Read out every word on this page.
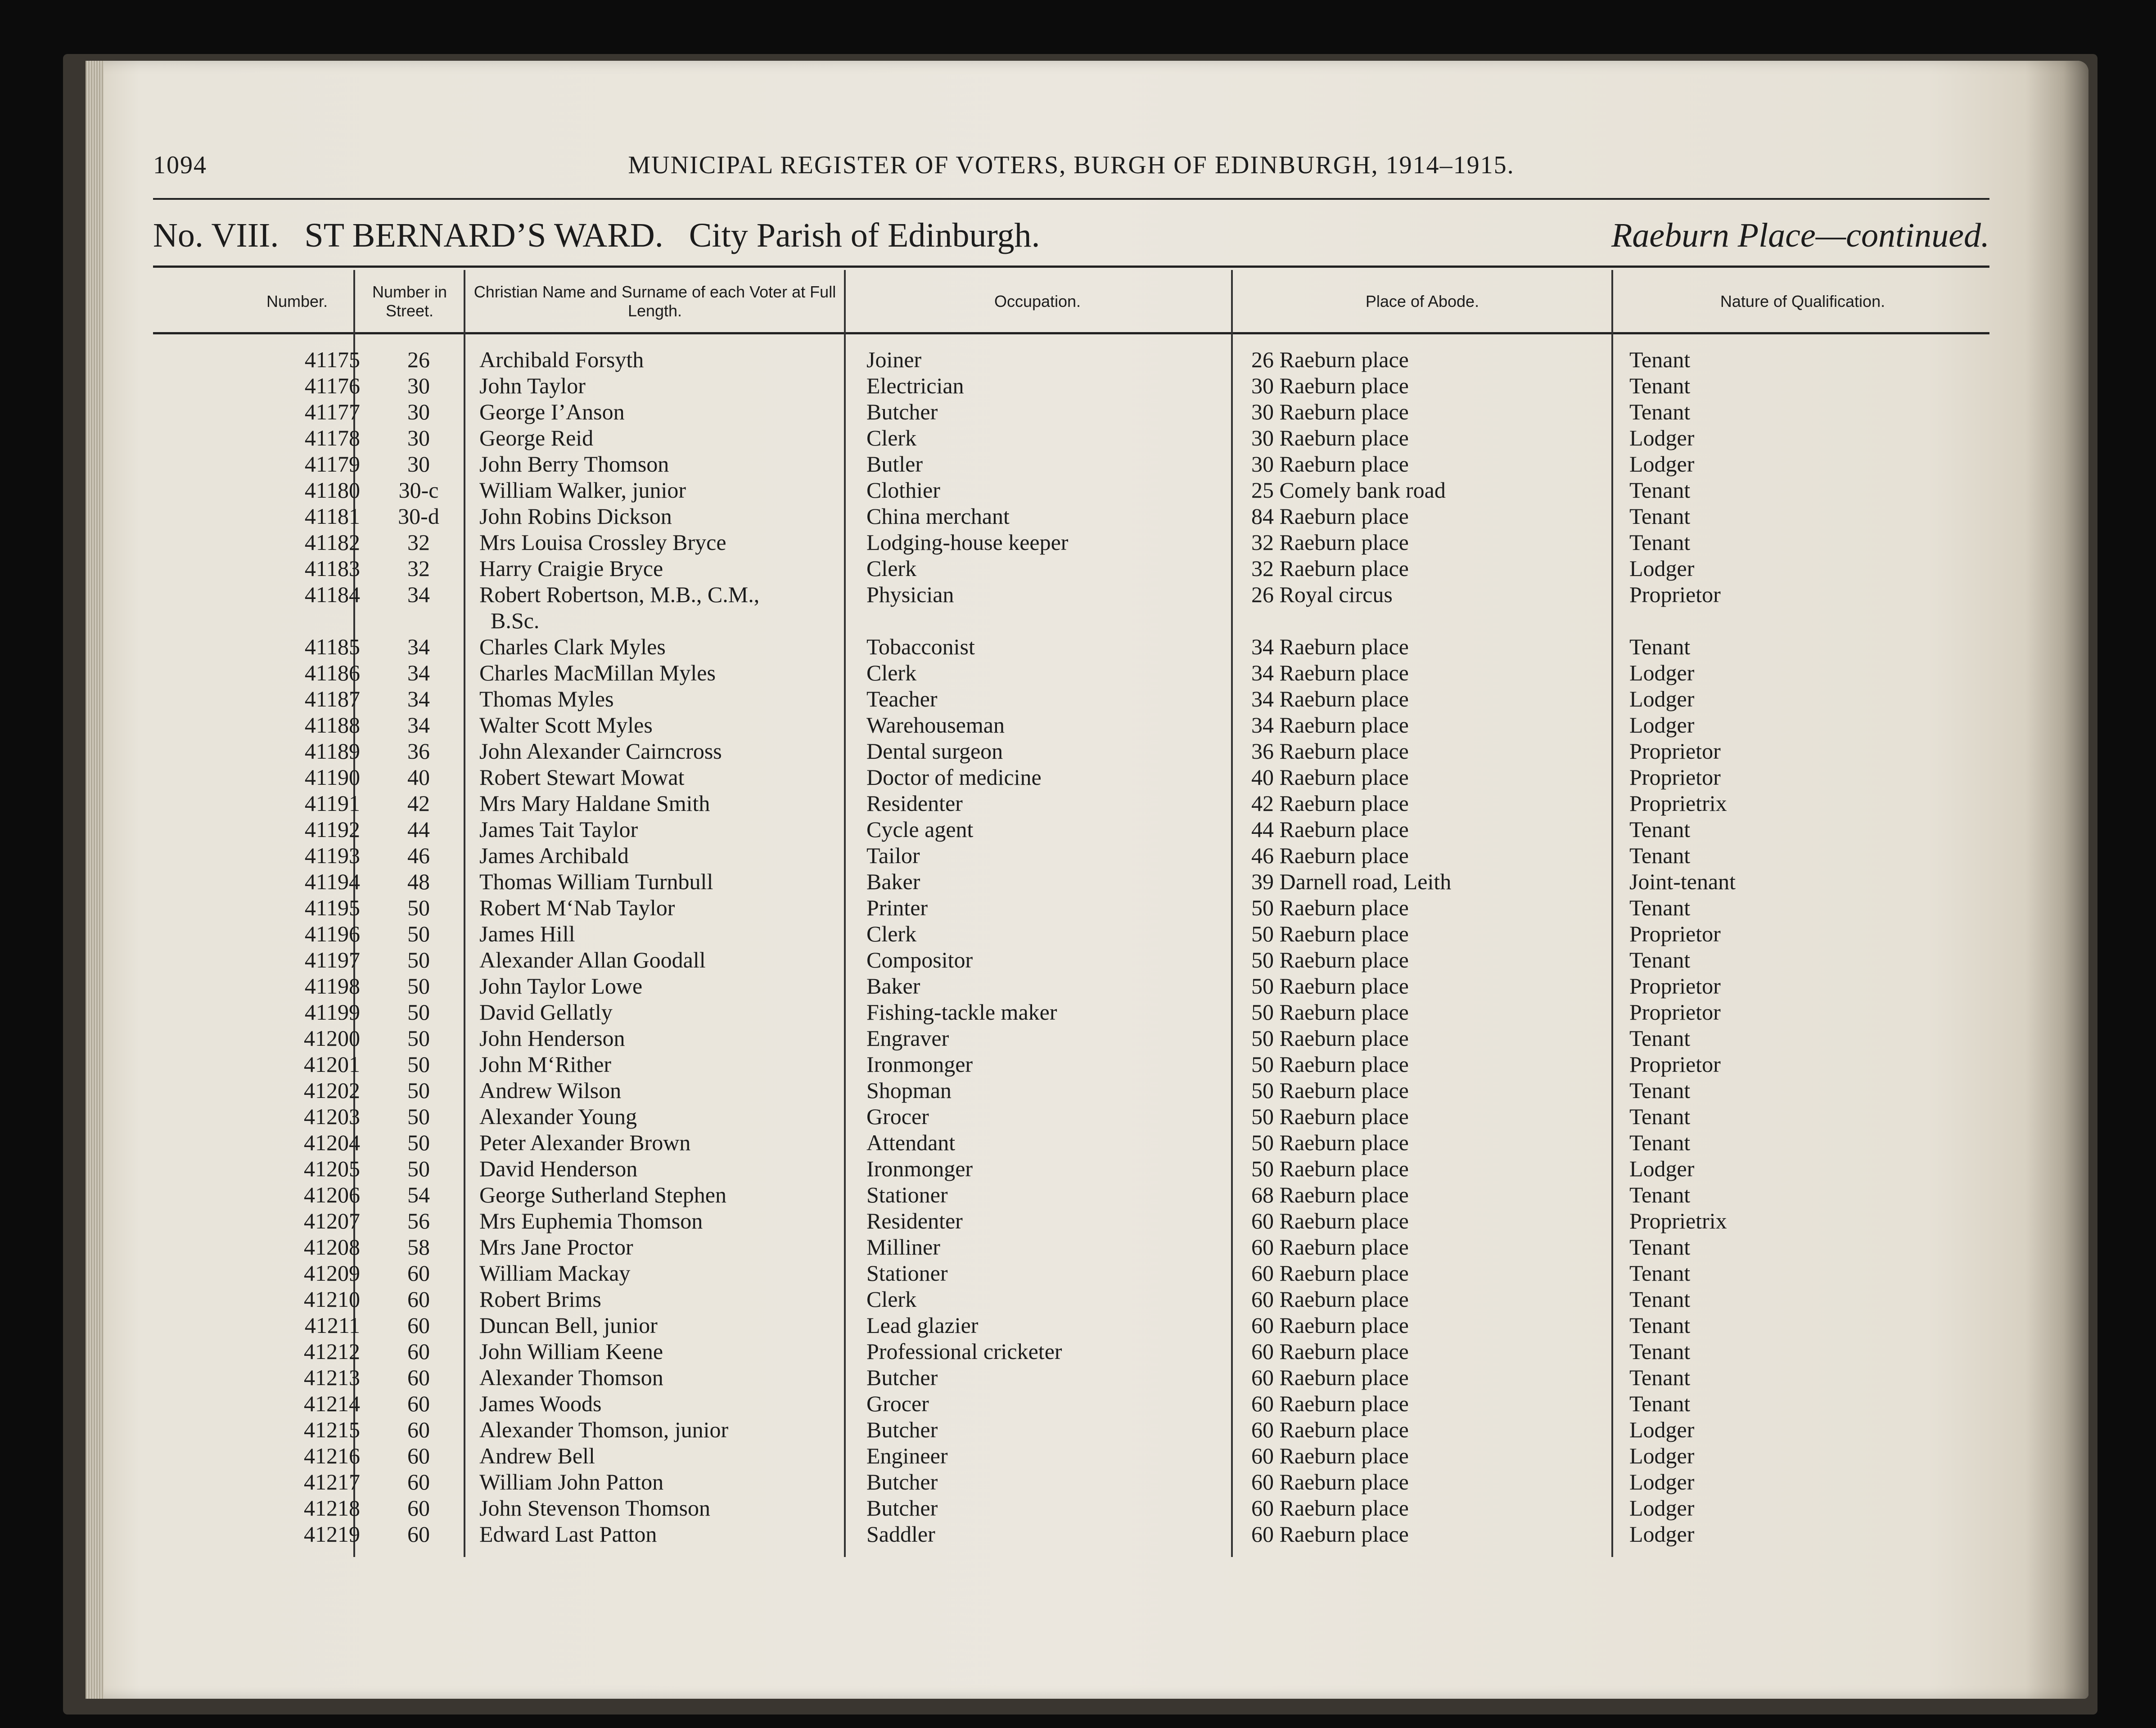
1094	MUNICIPAL REGISTER OF VOTERS, BURGH OF EDINBURGH, 1914–1915.
No. VIII. ST BERNARD’S WARD. City Parish of Edinburgh.	Raeburn Place—continued.
Number.
Number in Street.
Christian Name and Surname of each Voter at Full Length.
Occupation.	Place of Abode.	Nature of Qualification.
41175	26	Archibald Forsyth	Joiner	26 Raeburn place	Tenant
41176	30	John Taylor	Electrician	30 Raeburn place	Tenant
41177	30	George I’Anson	Butcher	30 Raeburn place	Tenant
41178	30	George Reid	Clerk	30 Raeburn place	Lodger
41179	30	John Berry Thomson	Butler	30 Raeburn place	Lodger
41180	30-c	William Walker, junior	Clothier	25 Comely bank road	Tenant
41181	30-d	John Robins Dickson	China merchant	84 Raeburn place	Tenant
41182	32	Mrs Louisa Crossley Bryce	Lodging-house keeper	32 Raeburn place	Tenant
41183	32	Harry Craigie Bryce	Clerk	32 Raeburn place	Lodger
41184	34	Robert Robertson, M.B., C.M.,	Physician	26 Royal circus	Proprietor
B.Sc.
41185	34	Charles Clark Myles	Tobacconist	34 Raeburn place	Tenant
41186	34	Charles MacMillan Myles	Clerk	34 Raeburn place	Lodger
41187	34	Thomas Myles	Teacher	34 Raeburn place	Lodger
41188	34	Walter Scott Myles	Warehouseman	34 Raeburn place	Lodger
41189	36	John Alexander Cairncross	Dental surgeon	36 Raeburn place	Proprietor
41190	40	Robert Stewart Mowat	Doctor of medicine	40 Raeburn place	Proprietor
41191	42	Mrs Mary Haldane Smith	Residenter	42 Raeburn place	Proprietrix
41192	44	James Tait Taylor	Cycle agent	44 Raeburn place	Tenant
41193	46	James Archibald	Tailor	46 Raeburn place	Tenant
41194	48	Thomas William Turnbull	Baker	39 Darnell road, Leith	Joint-tenant
41195	50	Robert M‘Nab Taylor	Printer	50 Raeburn place	Tenant
41196	50	James Hill	Clerk	50 Raeburn place	Proprietor
41197	50	Alexander Allan Goodall	Compositor	50 Raeburn place	Tenant
41198	50	John Taylor Lowe	Baker	50 Raeburn place	Proprietor
41199	50	David Gellatly	Fishing-tackle maker	50 Raeburn place	Proprietor
41200	50	John Henderson	Engraver	50 Raeburn place	Tenant
41201	50	John M‘Rither	Ironmonger	50 Raeburn place	Proprietor
41202	50	Andrew Wilson	Shopman	50 Raeburn place	Tenant
41203	50	Alexander Young	Grocer	50 Raeburn place	Tenant
41204	50	Peter Alexander Brown	Attendant	50 Raeburn place	Tenant
41205	50	David Henderson	Ironmonger	50 Raeburn place	Lodger
41206	54	George Sutherland Stephen	Stationer	68 Raeburn place	Tenant
41207	56	Mrs Euphemia Thomson	Residenter	60 Raeburn place	Proprietrix
41208	58	Mrs Jane Proctor	Milliner	60 Raeburn place	Tenant
41209	60	William Mackay	Stationer	60 Raeburn place	Tenant
41210	60	Robert Brims	Clerk	60 Raeburn place	Tenant
41211	60	Duncan Bell, junior	Lead glazier	60 Raeburn place	Tenant
41212	60	John William Keene	Professional cricketer	60 Raeburn place	Tenant
41213	60	Alexander Thomson	Butcher	60 Raeburn place	Tenant
41214	60	James Woods	Grocer	60 Raeburn place	Tenant
41215	60	Alexander Thomson, junior	Butcher	60 Raeburn place	Lodger
41216	60	Andrew Bell	Engineer	60 Raeburn place	Lodger
41217	60	William John Patton	Butcher	60 Raeburn place	Lodger
41218	60	John Stevenson Thomson	Butcher	60 Raeburn place	Lodger
41219	60	Edward Last Patton	Saddler	60 Raeburn place	Lodger
